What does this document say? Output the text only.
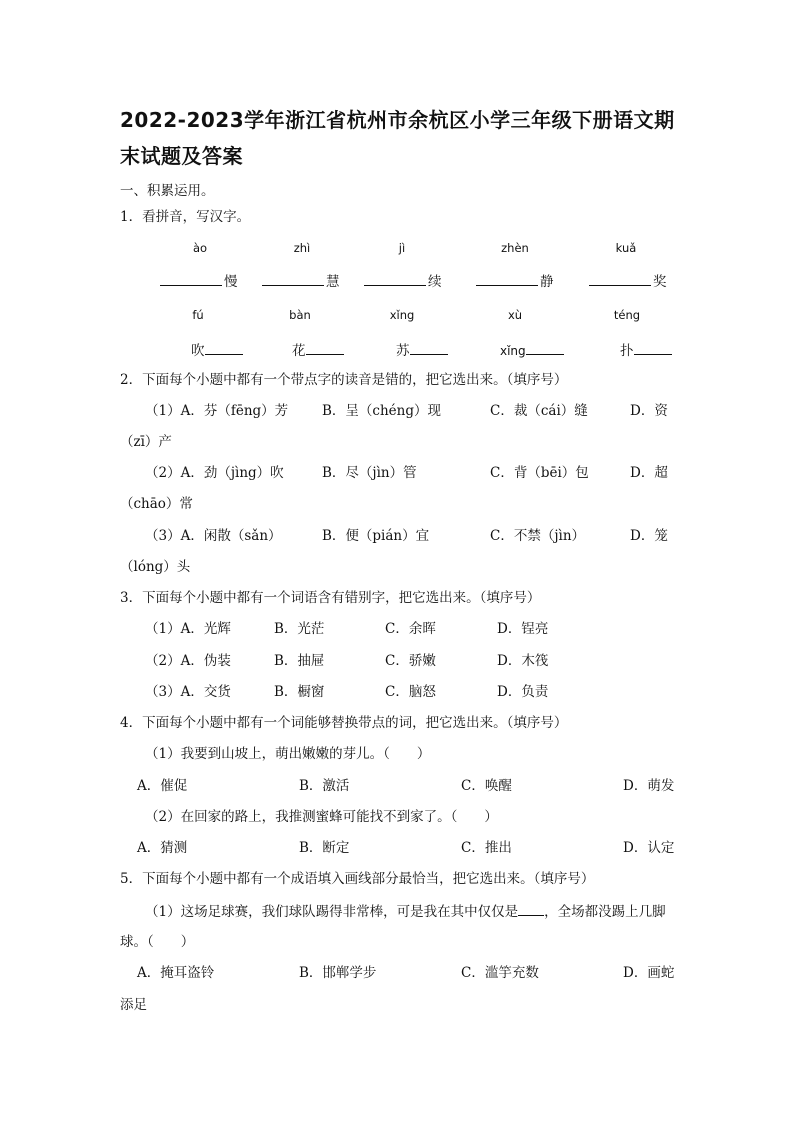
2022-2023学年浙江省杭州市余杭区小学三年级下册语文期末试题及答案
一、积累运用。
1．看拼音，写汉字。
ào	zhì	jì	zhèn	kuǎ
慢	慧	续	静	奖
fú	bàn	xǐng	xù	téng
吹	花	苏	xǐng	扑
2．下面每个小题中都有一个带点字的读音是错的，把它选出来。（填序号）
（1）A．芬（fēng）芳	B．呈（chéng）现	C．裁（cái）缝	D．资
（zī）产
（2）A．劲（jìng）吹	B．尽（jìn）管	C．背（bēi）包	D．超
（chāo）常
（3）A．闲散（sǎn）	B．便（pián）宜	C．不禁（jìn）	D．笼
（lóng）头
3．下面每个小题中都有一个词语含有错别字，把它选出来。（填序号）
（1）A．光辉	B．光茫	C．余晖	D．锃亮
（2）A．伪装	B．抽屉	C．骄嫩	D．木筏
（3）A．交货	B．橱窗	C．脑怒	D．负责
4．下面每个小题中都有一个词能够替换带点的词，把它选出来。（填序号）
（1）我要到山坡上，萌出嫩嫩的芽儿。（　　）
A．催促	B．激活	C．唤醒	D．萌发
（2）在回家的路上，我推测蜜蜂可能找不到家了。（　　）
A．猜测	B．断定	C．推出	D．认定
5．下面每个小题中都有一个成语填入画线部分最恰当，把它选出来。（填序号）
（1）这场足球赛，我们球队踢得非常棒，可是我在其中仅仅是 ，全场都没踢上几脚
球。（　　）
A．掩耳盗铃	B．邯郸学步	C．滥竽充数	D．画蛇
添足
